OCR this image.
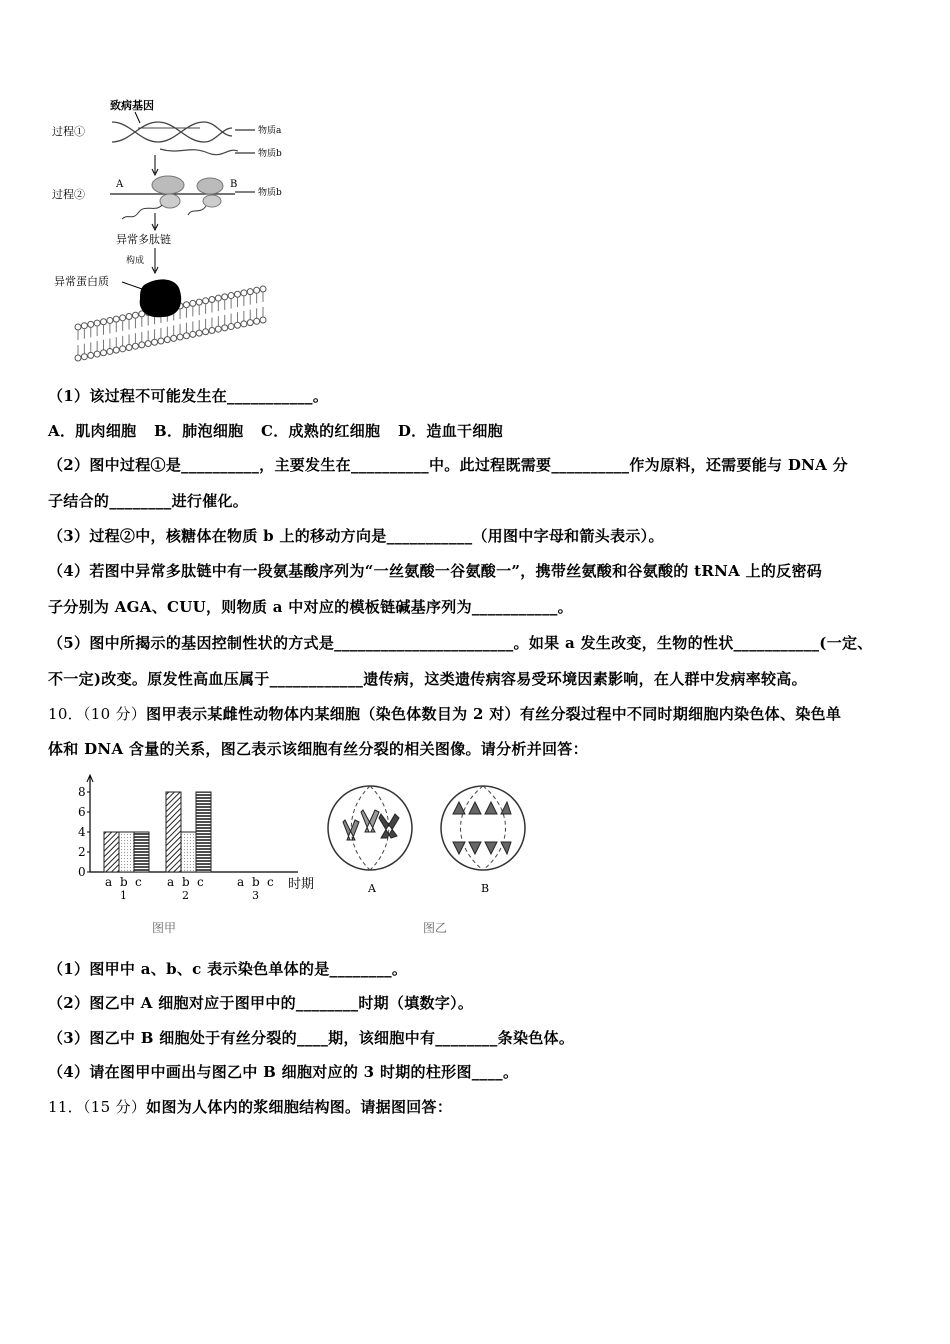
致病基因
过程①	物质a
物质b
过程②
A	B
物质b
异常多肽链
构成
异常蛋白质
（1）该过程不可能发生在___________。
A．肌肉细胞 B．肺泡细胞 C．成熟的红细胞 D．造血干细胞
（2）图中过程①是__________，主要发生在__________中。此过程既需要__________作为原料，还需要能与 DNA 分
子结合的________进行催化。
（3）过程②中，核糖体在物质 b 上的移动方向是___________（用图中字母和箭头表示）。
（4）若图中异常多肽链中有一段氨基酸序列为“一丝氨酸一谷氨酸一”，携带丝氨酸和谷氨酸的 tRNA 上的反密码
子分别为 AGA、CUU，则物质 a 中对应的模板链碱基序列为___________。
（5）图中所揭示的基因控制性状的方式是_______________________。如果 a 发生改变，生物的性状___________(一定、
不一定)改变。原发性高血压属于____________遗传病，这类遗传病容易受环境因素影响，在人群中发病率较高。
10．（10 分）图甲表示某雌性动物体内某细胞（染色体数目为 2 对）有丝分裂过程中不同时期细胞内染色体、染色单
体和 DNA 含量的关系，图乙表示该细胞有丝分裂的相关图像。请分析并回答：
0
2
4
6
8
时期
a b c
1
a b c
2
a b c
3
图甲
A	B
图乙
（1）图甲中 a、b、c 表示染色单体的是________。
（2）图乙中 A 细胞对应于图甲中的________时期（填数字）。
（3）图乙中 B 细胞处于有丝分裂的____期，该细胞中有________条染色体。
（4）请在图甲中画出与图乙中 B 细胞对应的 3 时期的柱形图____。
11．（15 分）如图为人体内的浆细胞结构图。请据图回答：
